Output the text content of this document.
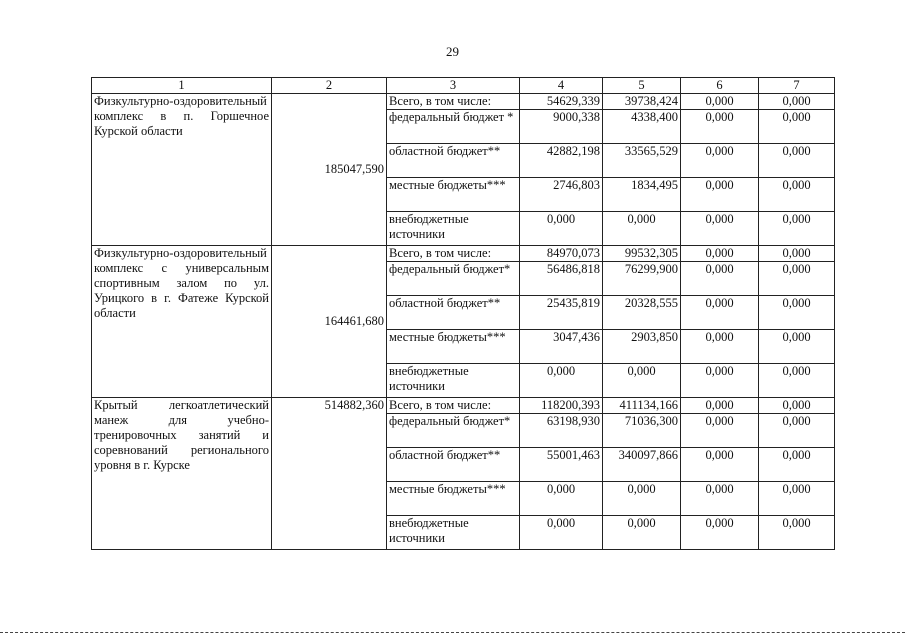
29
1	2	3	4	5	6	7
Физкультурно-оздоровительный комплекс в п. Горшечное Курской области	185047,590	Всего, в том числе:	54629,339	39738,424	0,000	0,000
		федеральный бюджет *	9000,338	4338,400	0,000	0,000
		областной бюджет**	42882,198	33565,529	0,000	0,000
		местные бюджеты***	2746,803	1834,495	0,000	0,000
		внебюджетные источники	0,000	0,000	0,000	0,000
Физкультурно-оздоровительный комплекс с универсальным спортивным залом по ул. Урицкого в г. Фатеже Курской области	164461,680	Всего, в том числе:	84970,073	99532,305	0,000	0,000
		федеральный бюджет*	56486,818	76299,900	0,000	0,000
		областной бюджет**	25435,819	20328,555	0,000	0,000
		местные бюджеты***	3047,436	2903,850	0,000	0,000
		внебюджетные источники	0,000	0,000	0,000	0,000
Крытый легкоатлетический манеж для учебно-тренировочных занятий и соревнований регионального уровня в г. Курске	514882,360	Всего, в том числе:	118200,393	411134,166	0,000	0,000
		федеральный бюджет*	63198,930	71036,300	0,000	0,000
		областной бюджет**	55001,463	340097,866	0,000	0,000
		местные бюджеты***	0,000	0,000	0,000	0,000
		внебюджетные источники	0,000	0,000	0,000	0,000
